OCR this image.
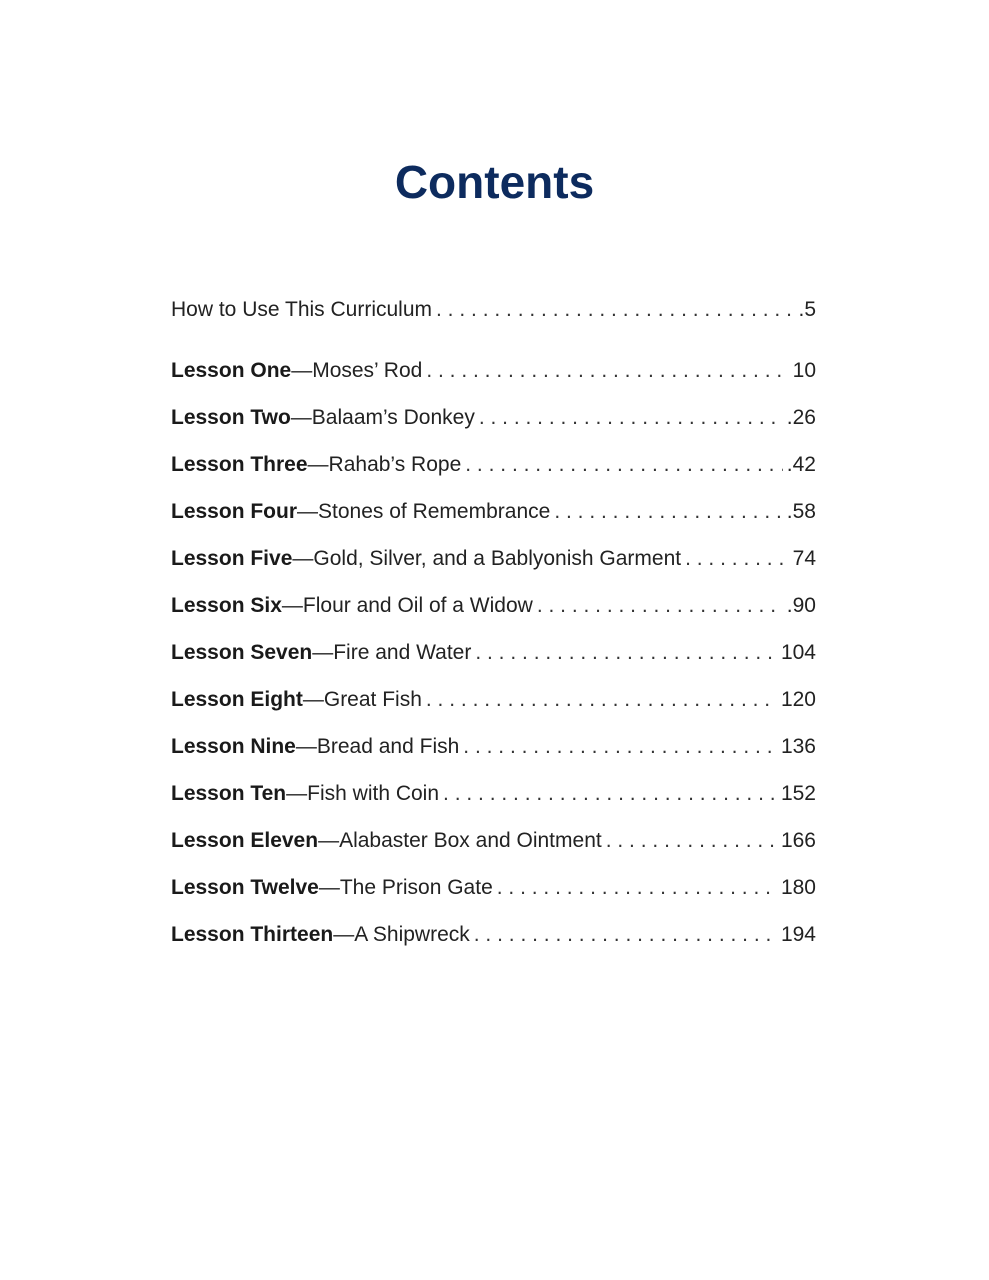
Contents
How to Use This Curriculum . . .	.5
Lesson One—Moses’ Rod . . .	10
Lesson Two—Balaam’s Donkey . . .	.26
Lesson Three—Rahab’s Rope . . .	.42
Lesson Four—Stones of Remembrance . . .	.58
Lesson Five—Gold, Silver, and a Bablyonish Garment . . .	74
Lesson Six—Flour and Oil of a Widow . . .	.90
Lesson Seven—Fire and Water . . .	104
Lesson Eight—Great Fish . . .	120
Lesson Nine—Bread and Fish . . .	136
Lesson Ten—Fish with Coin . . .	152
Lesson Eleven—Alabaster Box and Ointment . . .	166
Lesson Twelve—The Prison Gate . . .	180
Lesson Thirteen—A Shipwreck . . .	194
